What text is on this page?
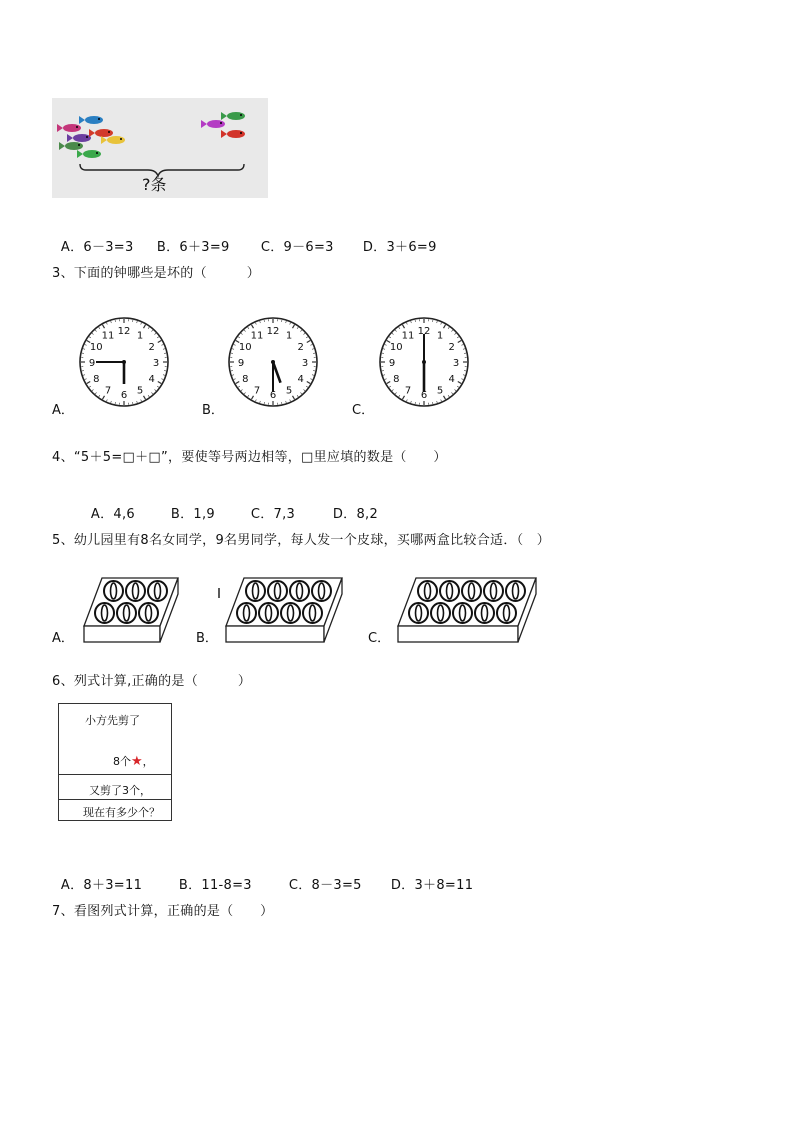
?条

A．6－3=3 B．6＋3=9 C．9－6=3 D．3＋6=9

3、下面的钟哪些是坏的（　　　）
12 1
2
3
4
5
6
7
8
9
10
11	12 1
2
3
4
5
6
7
8
9
10
11	12 1
2
3
4
5
6
7
8
9
10
11
A．	B．	C．
4、“5＋5=□＋□”，要使等号两边相等，□里应填的数是（　　）

A．4,6	B．1,9	C．7,3	D．8,2

5、幼儿园里有8名女同学，9名男同学，每人发一个皮球，买哪两盒比较合适．（　）
A．	B．	C．
6、列式计算,正确的是（　　　）
小方先剪了

8个★，

又剪了3个，
现在有多少个？

A．8＋3=11	B．11-8=3	C．8－3=5 D．3＋8=11

7、看图列式计算，正确的是（　　）
